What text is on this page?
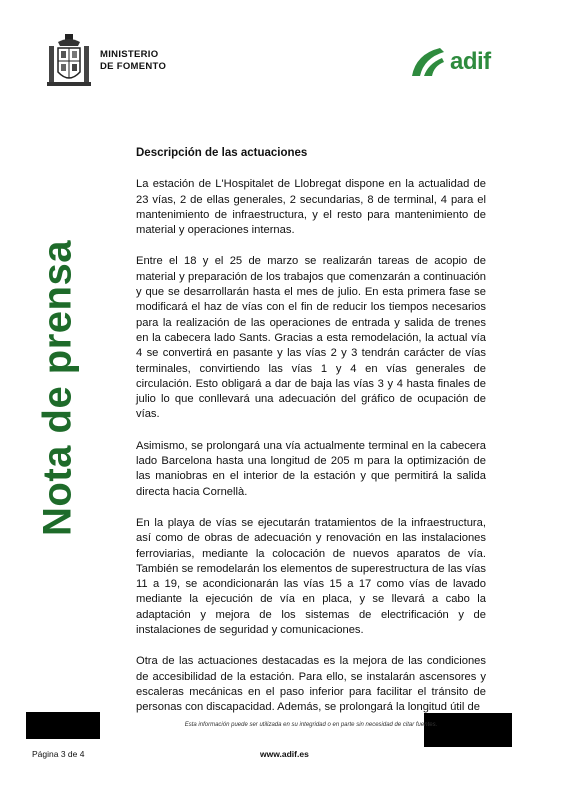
MINISTERIO
DE FOMENTO	adif
Nota de prensa
Descripción de las actuaciones

La estación de L'Hospitalet de Llobregat dispone en la actualidad de 23 vías, 2 de ellas generales, 2 secundarias, 8 de terminal, 4 para el mantenimiento de infraestructura, y el resto para mantenimiento de material y operaciones internas.

Entre el 18 y el 25 de marzo se realizarán tareas de acopio de material y preparación de los trabajos que comenzarán a continuación y que se desarrollarán hasta el mes de julio. En esta primera fase se modificará el haz de vías con el fin de reducir los tiempos necesarios para la realización de las operaciones de entrada y salida de trenes en la cabecera lado Sants. Gracias a esta remodelación, la actual vía 4 se convertirá en pasante y las vías 2 y 3 tendrán carácter de vías terminales, convirtiendo las vías 1 y 4 en vías generales de circulación. Esto obligará a dar de baja las vías 3 y 4 hasta finales de julio lo que conllevará una adecuación del gráfico de ocupación de vías.

Asimismo, se prolongará una vía actualmente terminal en la cabecera lado Barcelona hasta una longitud de 205 m para la optimización de las maniobras en el interior de la estación y que permitirá la salida directa hacia Cornellà.

En la playa de vías se ejecutarán tratamientos de la infraestructura, así como de obras de adecuación y renovación en las instalaciones ferroviarias, mediante la colocación de nuevos aparatos de vía. También se remodelarán los elementos de superestructura de las vías 11 a 19, se acondicionarán las vías 15 a 17 como vías de lavado mediante la ejecución de vía en placa, y se llevará a cabo la adaptación y mejora de los sistemas de electrificación y de instalaciones de seguridad y comunicaciones.

Otra de las actuaciones destacadas es la mejora de las condiciones de accesibilidad de la estación. Para ello, se instalarán ascensores y escaleras mecánicas en el paso inferior para facilitar el tránsito de personas con discapacidad. Además, se prolongará la longitud útil de

Esta información puede ser utilizada en su integridad o en parte sin necesidad de citar fuentes.
Página 3 de 4	www.adif.es
